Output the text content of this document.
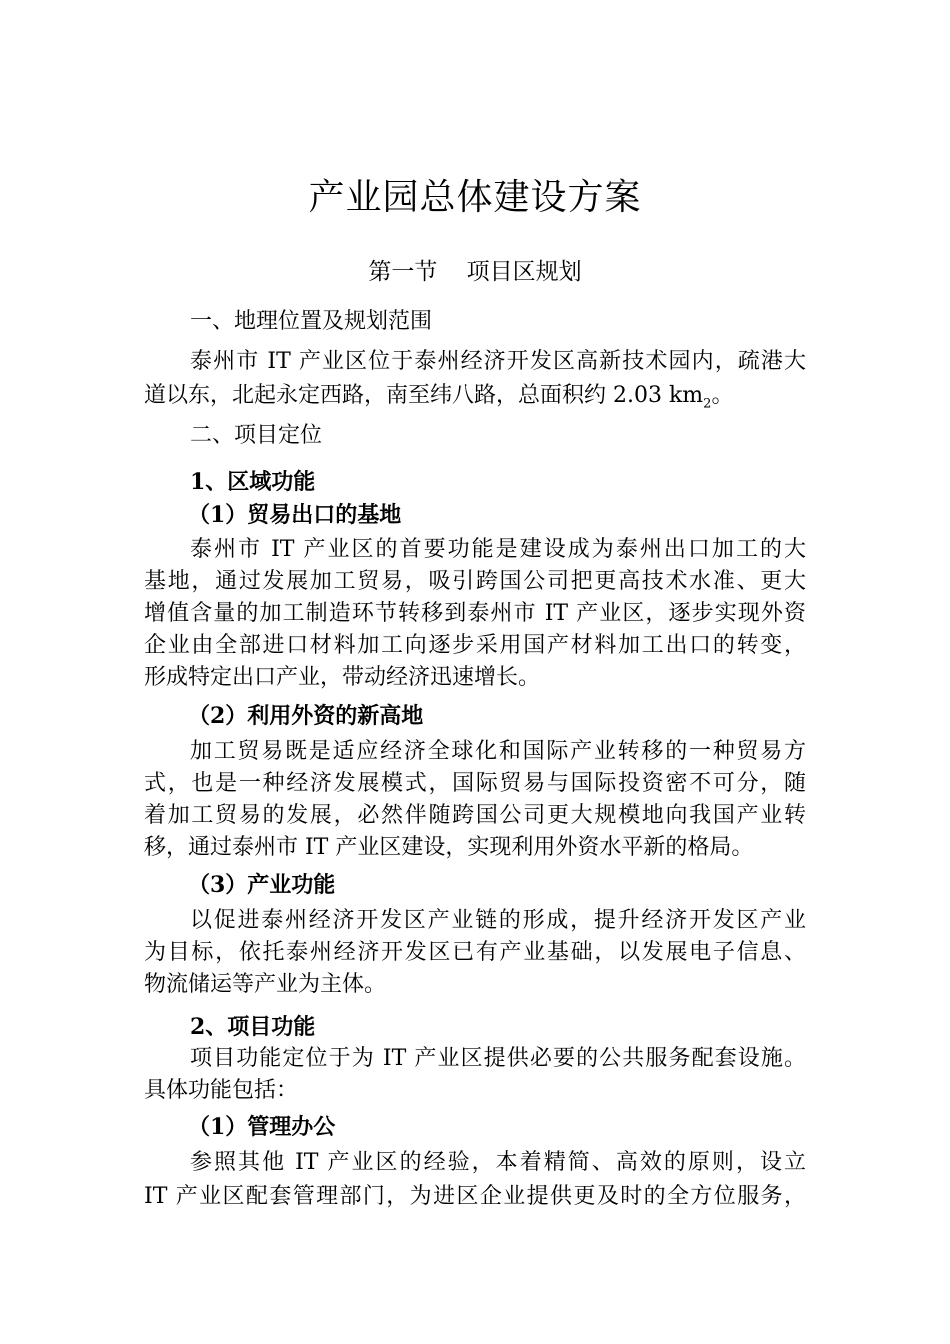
产业园总体建设方案
第一节    项目区规划
一、地理位置及规划范围
泰州市 IT 产业区位于泰州经济开发区高新技术园内，疏港大
道以东，北起永定西路，南至纬八路，总面积约 2.03 $km_2$。
二、项目定位
1、区域功能
（1）贸易出口的基地
泰州市 IT 产业区的首要功能是建设成为泰州出口加工的大
基地，通过发展加工贸易，吸引跨国公司把更高技术水准、更大
增值含量的加工制造环节转移到泰州市 IT 产业区，逐步实现外资
企业由全部进口材料加工向逐步采用国产材料加工出口的转变，
形成特定出口产业，带动经济迅速增长。
（2）利用外资的新高地
加工贸易既是适应经济全球化和国际产业转移的一种贸易方
式，也是一种经济发展模式，国际贸易与国际投资密不可分，随
着加工贸易的发展，必然伴随跨国公司更大规模地向我国产业转
移，通过泰州市 IT 产业区建设，实现利用外资水平新的格局。
（3）产业功能
以促进泰州经济开发区产业链的形成，提升经济开发区产业
为目标，依托泰州经济开发区已有产业基础，以发展电子信息、
物流储运等产业为主体。
2、项目功能
项目功能定位于为 IT 产业区提供必要的公共服务配套设施。
具体功能包括：
（1）管理办公
参照其他 IT 产业区的经验，本着精简、高效的原则，设立
IT 产业区配套管理部门，为进区企业提供更及时的全方位服务，
